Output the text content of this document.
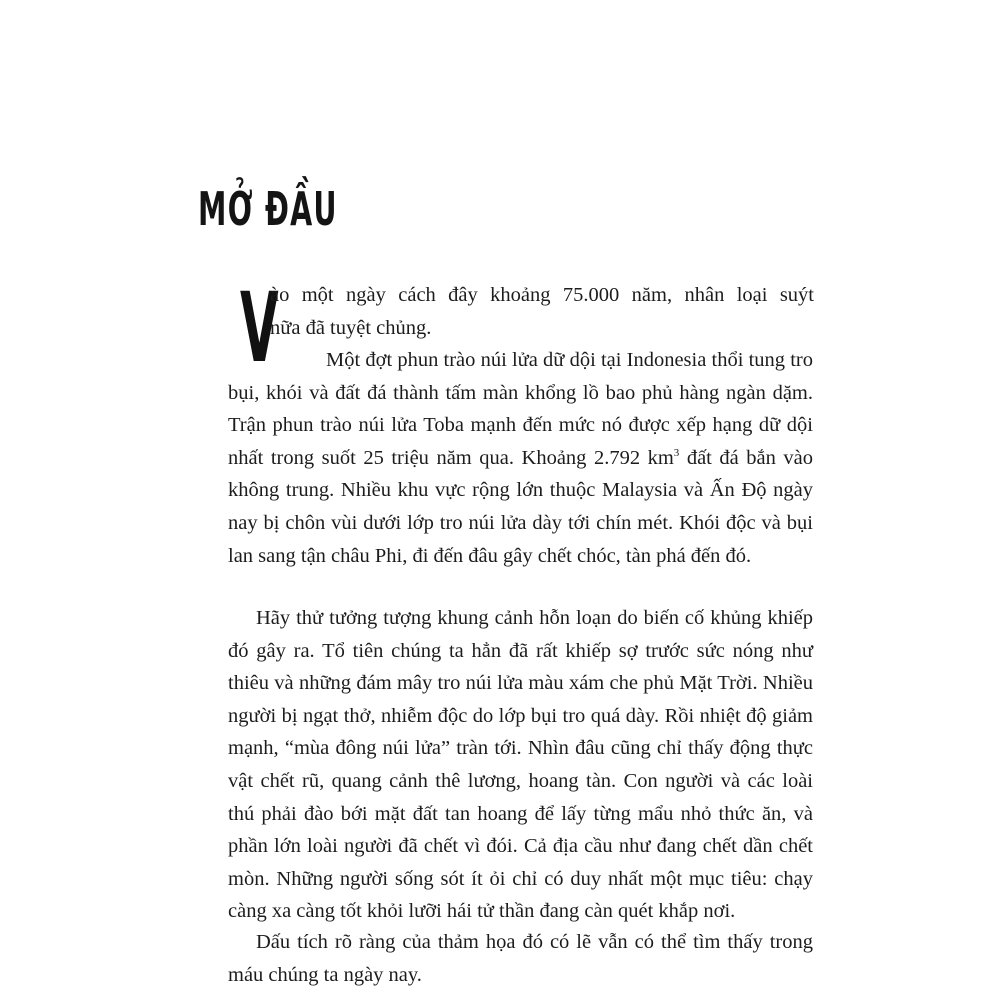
MỞ ĐẦU
V
ào một ngày cách đây khoảng 75.000 năm, nhân loại suýt
nữa đã tuyệt chủng.

Một đợt phun trào núi lửa dữ dội tại Indonesia thổi tung tro bụi, khói và đất đá thành tấm màn khổng lồ bao phủ hàng ngàn dặm. Trận phun trào núi lửa Toba mạnh đến mức nó được xếp hạng dữ dội nhất trong suốt 25 triệu năm qua. Khoảng 2.792 $km^3$ đất đá bắn vào không trung. Nhiều khu vực rộng lớn thuộc Malaysia và Ấn Độ ngày nay bị chôn vùi dưới lớp tro núi lửa dày tới chín mét. Khói độc và bụi lan sang tận châu Phi, đi đến đâu gây chết chóc, tàn phá đến đó.

Hãy thử tưởng tượng khung cảnh hỗn loạn do biến cố khủng khiếp đó gây ra. Tổ tiên chúng ta hẳn đã rất khiếp sợ trước sức nóng như thiêu và những đám mây tro núi lửa màu xám che phủ Mặt Trời. Nhiều người bị ngạt thở, nhiễm độc do lớp bụi tro quá dày. Rồi nhiệt độ giảm mạnh, “mùa đông núi lửa” tràn tới. Nhìn đâu cũng chỉ thấy động thực vật chết rũ, quang cảnh thê lương, hoang tàn. Con người và các loài thú phải đào bới mặt đất tan hoang để lấy từng mẩu nhỏ thức ăn, và phần lớn loài người đã chết vì đói. Cả địa cầu như đang chết dần chết mòn. Những người sống sót ít ỏi chỉ có duy nhất một mục tiêu: chạy càng xa càng tốt khỏi lưỡi hái tử thần đang càn quét khắp nơi.

Dấu tích rõ ràng của thảm họa đó có lẽ vẫn có thể tìm thấy trong máu chúng ta ngày nay.
